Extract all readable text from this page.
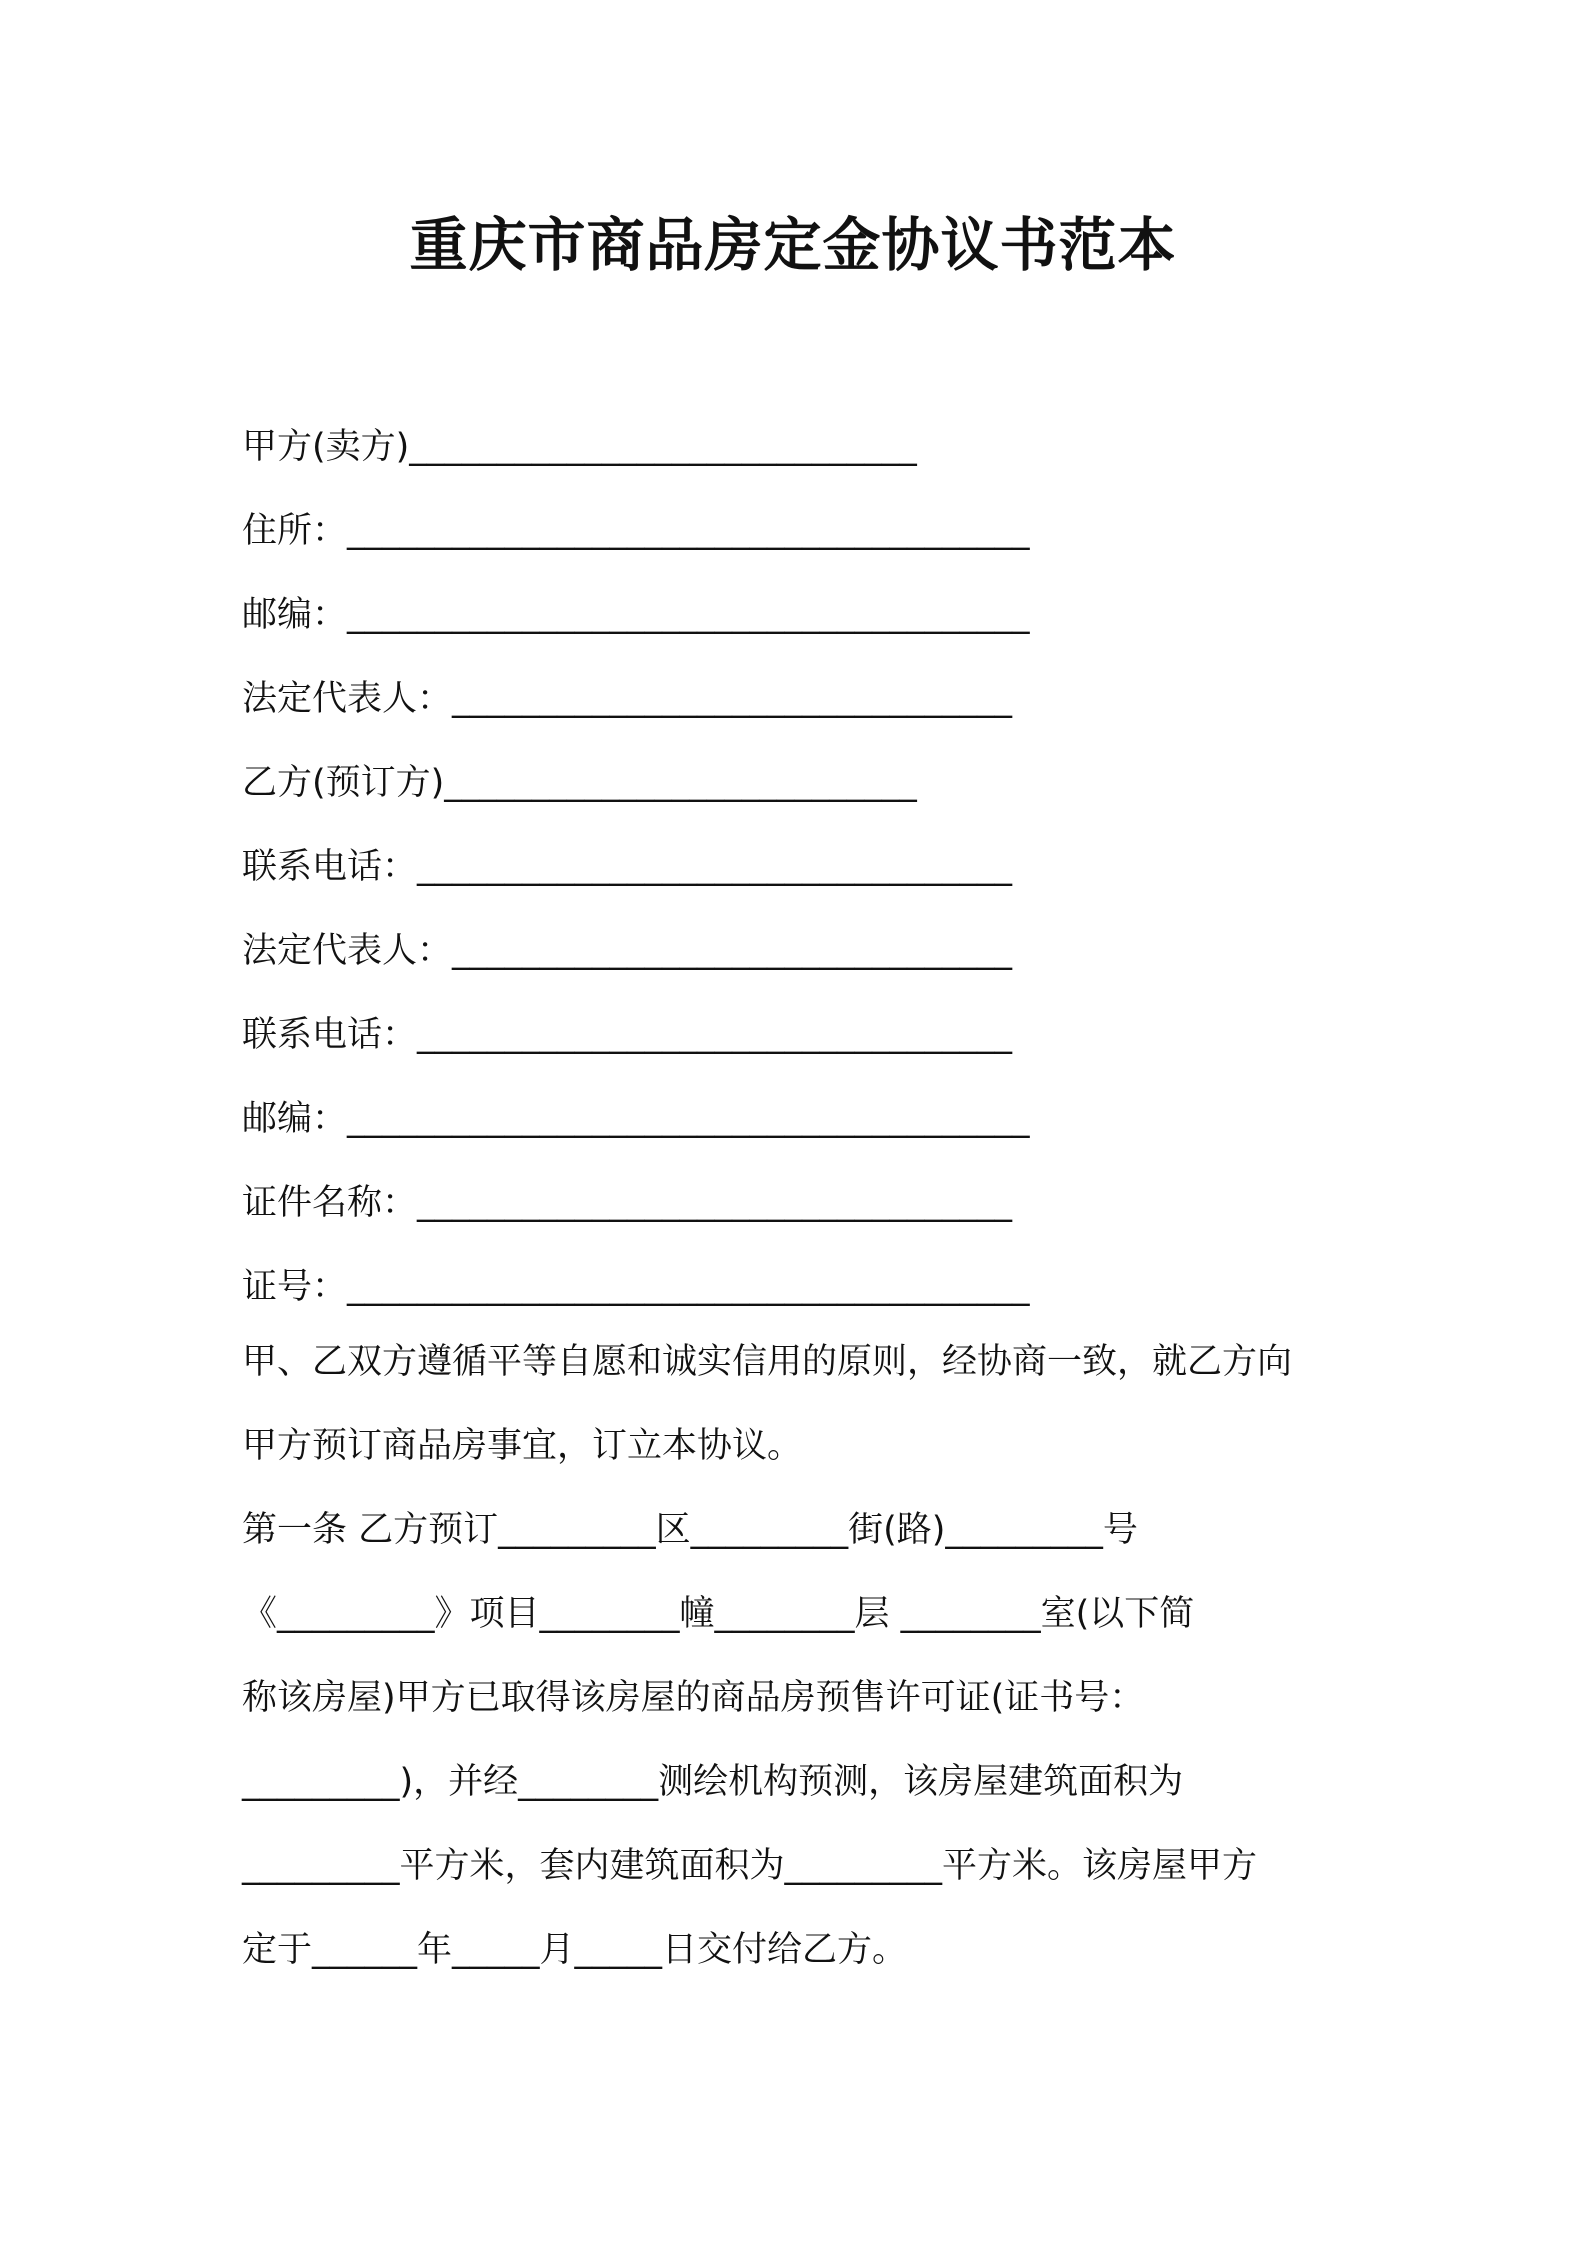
重庆市商品房定金协议书范本
甲方(卖方)_____________________________
住所：_______________________________________
邮编：_______________________________________
法定代表人：________________________________
乙方(预订方)___________________________
联系电话：__________________________________
法定代表人：________________________________
联系电话：__________________________________
邮编：_______________________________________
证件名称：__________________________________
证号：_______________________________________
甲、乙双方遵循平等自愿和诚实信用的原则，经协商一致，就乙方向
甲方预订商品房事宜，订立本协议。
第一条 乙方预订_________区_________街(路)_________号
《_________》项目________幢________层 ________室(以下简
称该房屋)甲方已取得该房屋的商品房预售许可证(证书号：
_________)，并经________测绘机构预测，该房屋建筑面积为
_________平方米，套内建筑面积为_________平方米。该房屋甲方
定于______年_____月_____日交付给乙方。
